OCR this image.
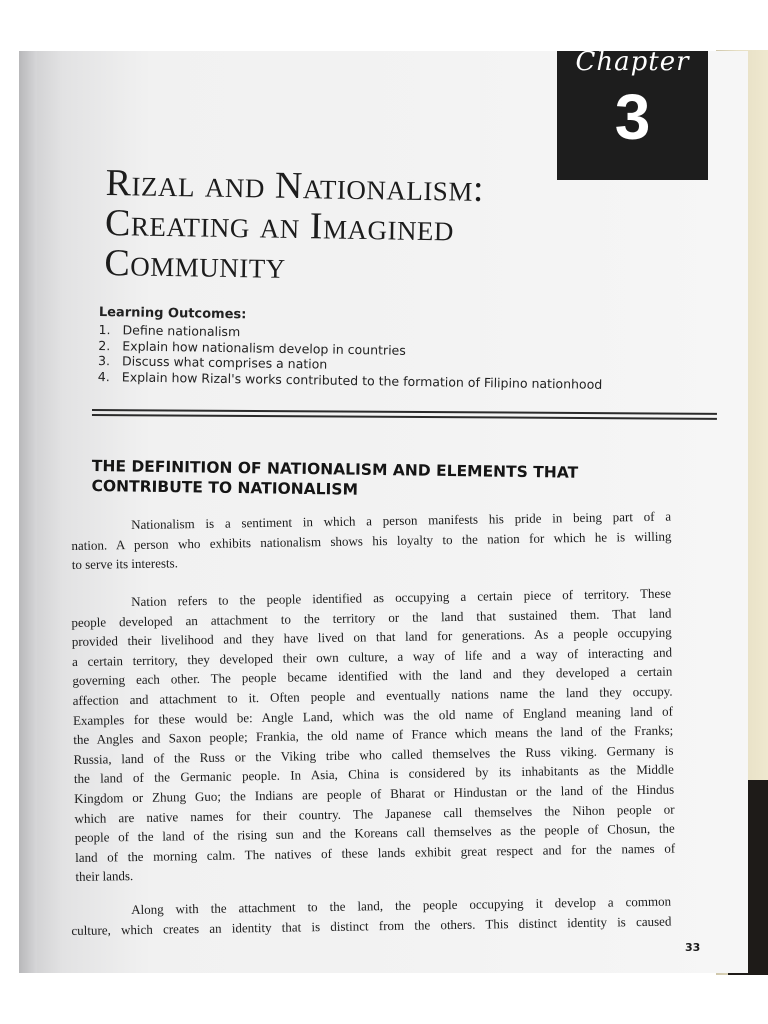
Chapter
3
Rizal and Nationalism:
Creating an Imagined
Community
Learning Outcomes:
1. Define nationalism
2. Explain how nationalism develop in countries
3. Discuss what comprises a nation
4. Explain how Rizal's works contributed to the formation of Filipino nationhood
THE DEFINITION OF NATIONALISM AND ELEMENTS THAT
CONTRIBUTE TO NATIONALISM
Nationalism is a sentiment in which a person manifests his pride in being part of a
nation. A person who exhibits nationalism shows his loyalty to the nation for which he is willing
to serve its interests.
Nation refers to the people identified as occupying a certain piece of territory. These
people developed an attachment to the territory or the land that sustained them. That land
provided their livelihood and they have lived on that land for generations. As a people occupying
a certain territory, they developed their own culture, a way of life and a way of interacting and
governing each other. The people became identified with the land and they developed a certain
affection and attachment to it. Often people and eventually nations name the land they occupy.
Examples for these would be: Angle Land, which was the old name of England meaning land of
the Angles and Saxon people; Frankia, the old name of France which means the land of the Franks;
Russia, land of the Russ or the Viking tribe who called themselves the Russ viking. Germany is
the land of the Germanic people. In Asia, China is considered by its inhabitants as the Middle
Kingdom or Zhung Guo; the Indians are people of Bharat or Hindustan or the land of the Hindus
which are native names for their country. The Japanese call themselves the Nihon people or
people of the land of the rising sun and the Koreans call themselves as the people of Chosun, the
land of the morning calm. The natives of these lands exhibit great respect and for the names of
their lands.
Along with the attachment to the land, the people occupying it develop a common
culture, which creates an identity that is distinct from the others. This distinct identity is caused
33
